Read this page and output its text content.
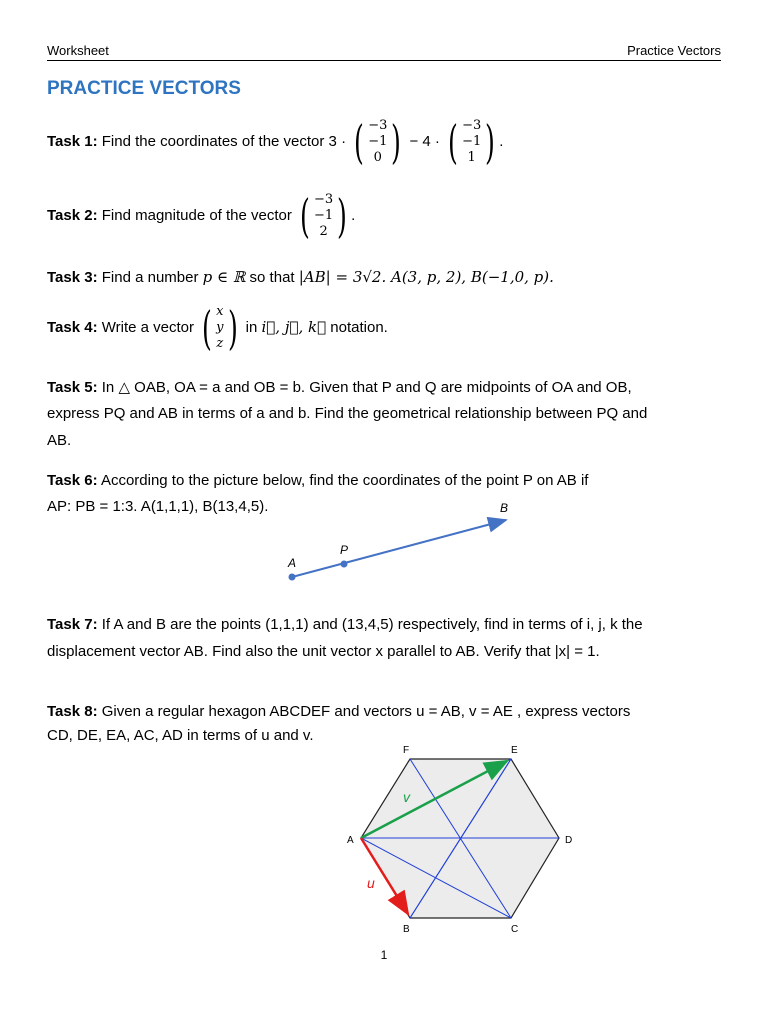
Worksheet	Practice Vectors
PRACTICE VECTORS
Task 1: Find the coordinates of the vector 3 · ( −3
−1
0 ) − 4 · ( −3
−1
1 ) .
Task 2: Find magnitude of the vector ( −3
−1
2 ) .
Task 3: Find a number p ∈ ℝ so that |AB| = 3√2. A(3, p, 2), B(−1,0, p).
Task 4: Write a vector ( x
y
z ) in i⃗, j⃗, k⃗ notation.
Task 5: In △ OAB, OA = a and OB = b. Given that P and Q are midpoints of OA and OB,
express PQ and AB in terms of a and b. Find the geometrical relationship between PQ and
AB.
Task 6: According to the picture below, find the coordinates of the point P on AB if
AP: PB = 1:3. A(1,1,1), B(13,4,5).
A
P
B
Task 7: If A and B are the points (1,1,1) and (13,4,5) respectively, find in terms of i, j, k the
displacement vector AB. Find also the unit vector x parallel to AB. Verify that |x| = 1.
Task 8: Given a regular hexagon ABCDEF and vectors u = AB, v = AE , express vectors
CD, DE, EA, AC, AD in terms of u and v.
v
u
A
B	C
D
E
F
1
